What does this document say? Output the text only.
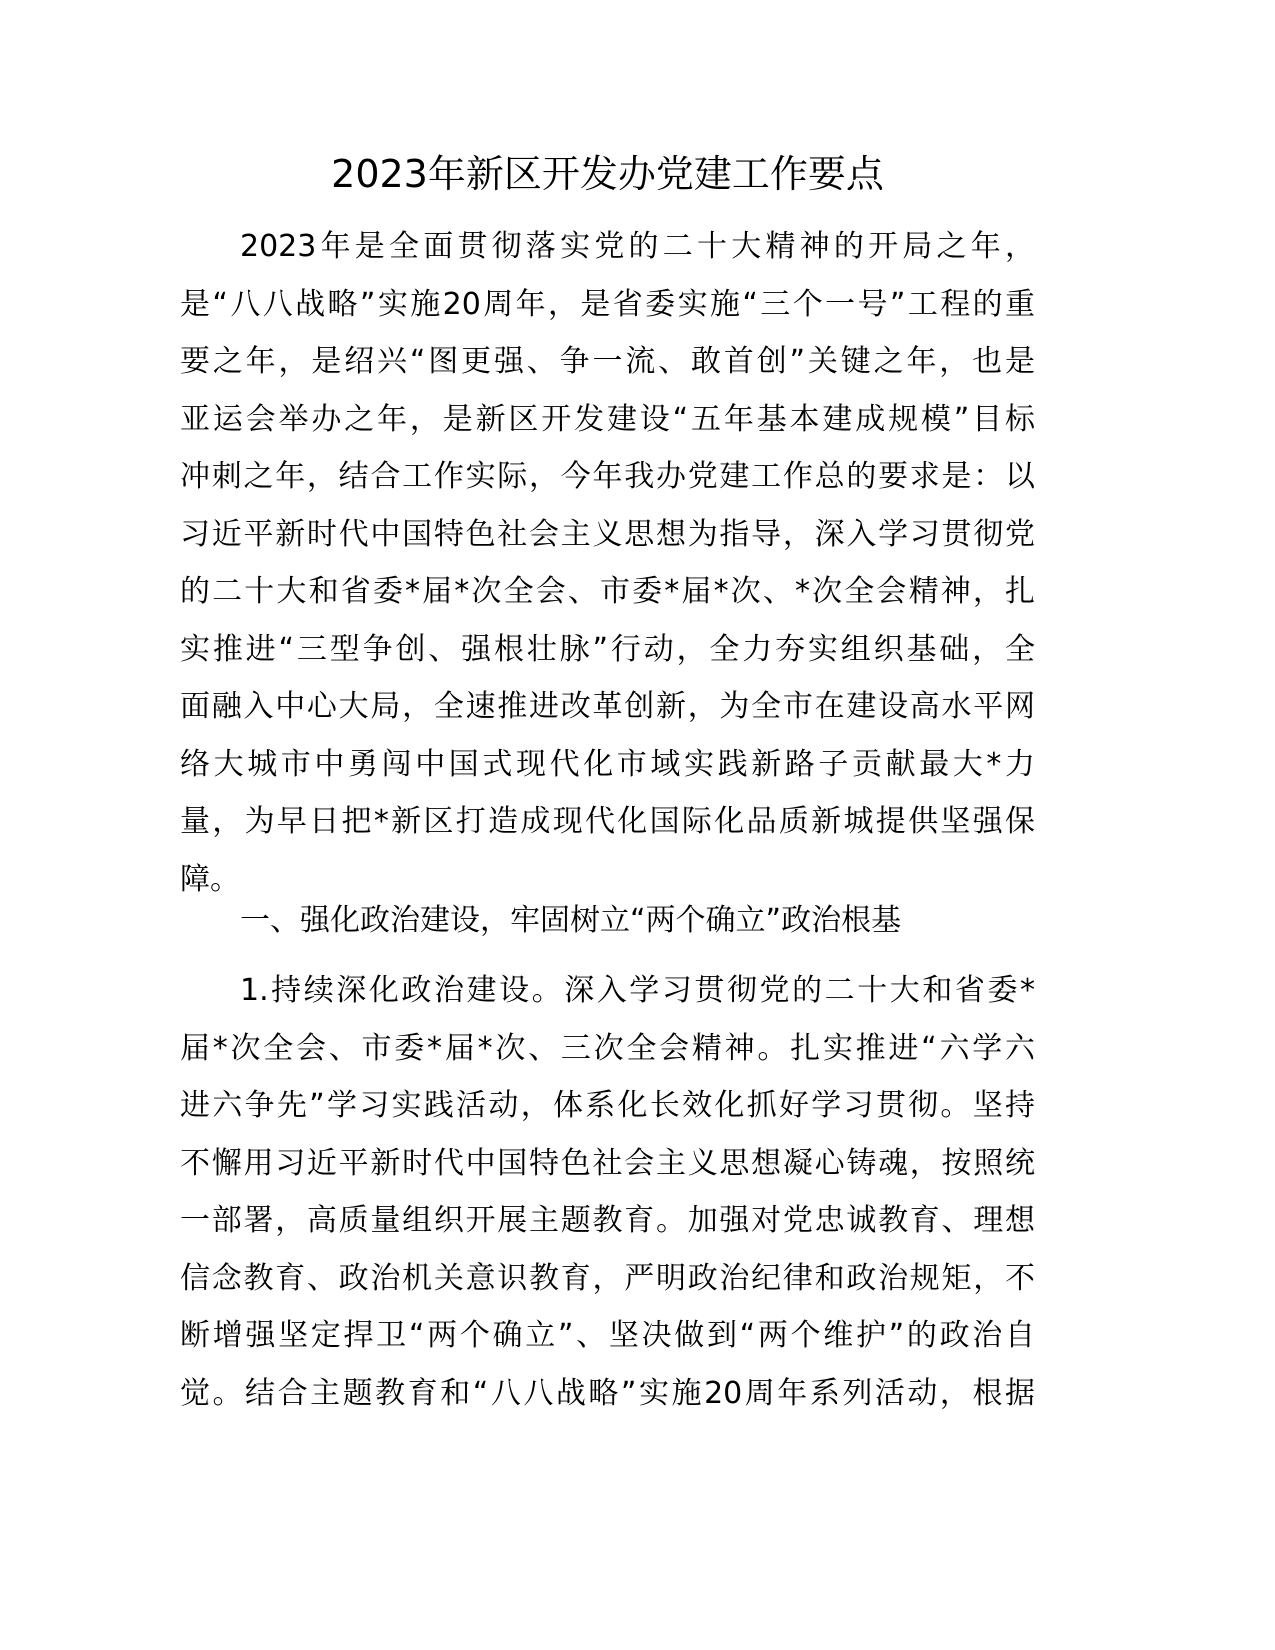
2023年新区开发办党建工作要点
2023年是全面贯彻落实党的二十大精神的开局之年，
是“八八战略”实施20周年，是省委实施“三个一号”工程的重
要之年，是绍兴“图更强、争一流、敢首创”关键之年，也是
亚运会举办之年，是新区开发建设“五年基本建成规模”目标
冲刺之年，结合工作实际，今年我办党建工作总的要求是：以
习近平新时代中国特色社会主义思想为指导，深入学习贯彻党
的二十大和省委*届*次全会、市委*届*次、*次全会精神，扎
实推进“三型争创、强根壮脉”行动，全力夯实组织基础，全
面融入中心大局，全速推进改革创新，为全市在建设高水平网
络大城市中勇闯中国式现代化市域实践新路子贡献最大*力
量，为早日把*新区打造成现代化国际化品质新城提供坚强保
障。
一、强化政治建设，牢固树立“两个确立”政治根基
1.持续深化政治建设。深入学习贯彻党的二十大和省委*
届*次全会、市委*届*次、三次全会精神。扎实推进“六学六
进六争先”学习实践活动，体系化长效化抓好学习贯彻。坚持
不懈用习近平新时代中国特色社会主义思想凝心铸魂，按照统
一部署，高质量组织开展主题教育。加强对党忠诚教育、理想
信念教育、政治机关意识教育，严明政治纪律和政治规矩，不
断增强坚定捍卫“两个确立”、坚决做到“两个维护”的政治自
觉。结合主题教育和“八八战略”实施20周年系列活动，根据
